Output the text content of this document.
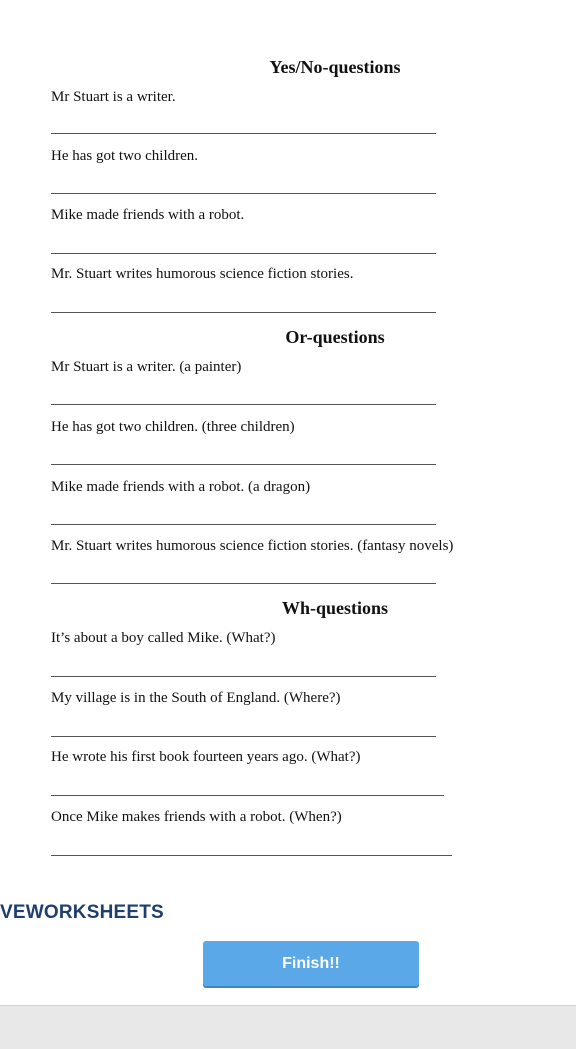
Yes/No-questions
Mr Stuart is a writer.
He has got two children.
Mike made friends with a robot.
Mr. Stuart writes humorous science fiction stories.
Or-questions
Mr Stuart is a writer. (a painter)
He has got two children. (three children)
Mike made friends with a robot. (a dragon)
Mr. Stuart writes humorous science fiction stories. (fantasy novels)
Wh-questions
It’s about a boy called Mike. (What?)
My village is in the South of England. (Where?)
He wrote his first book fourteen years ago. (What?)
Once Mike makes friends with a robot. (When?)
VEWORKSHEETS
Finish!!
